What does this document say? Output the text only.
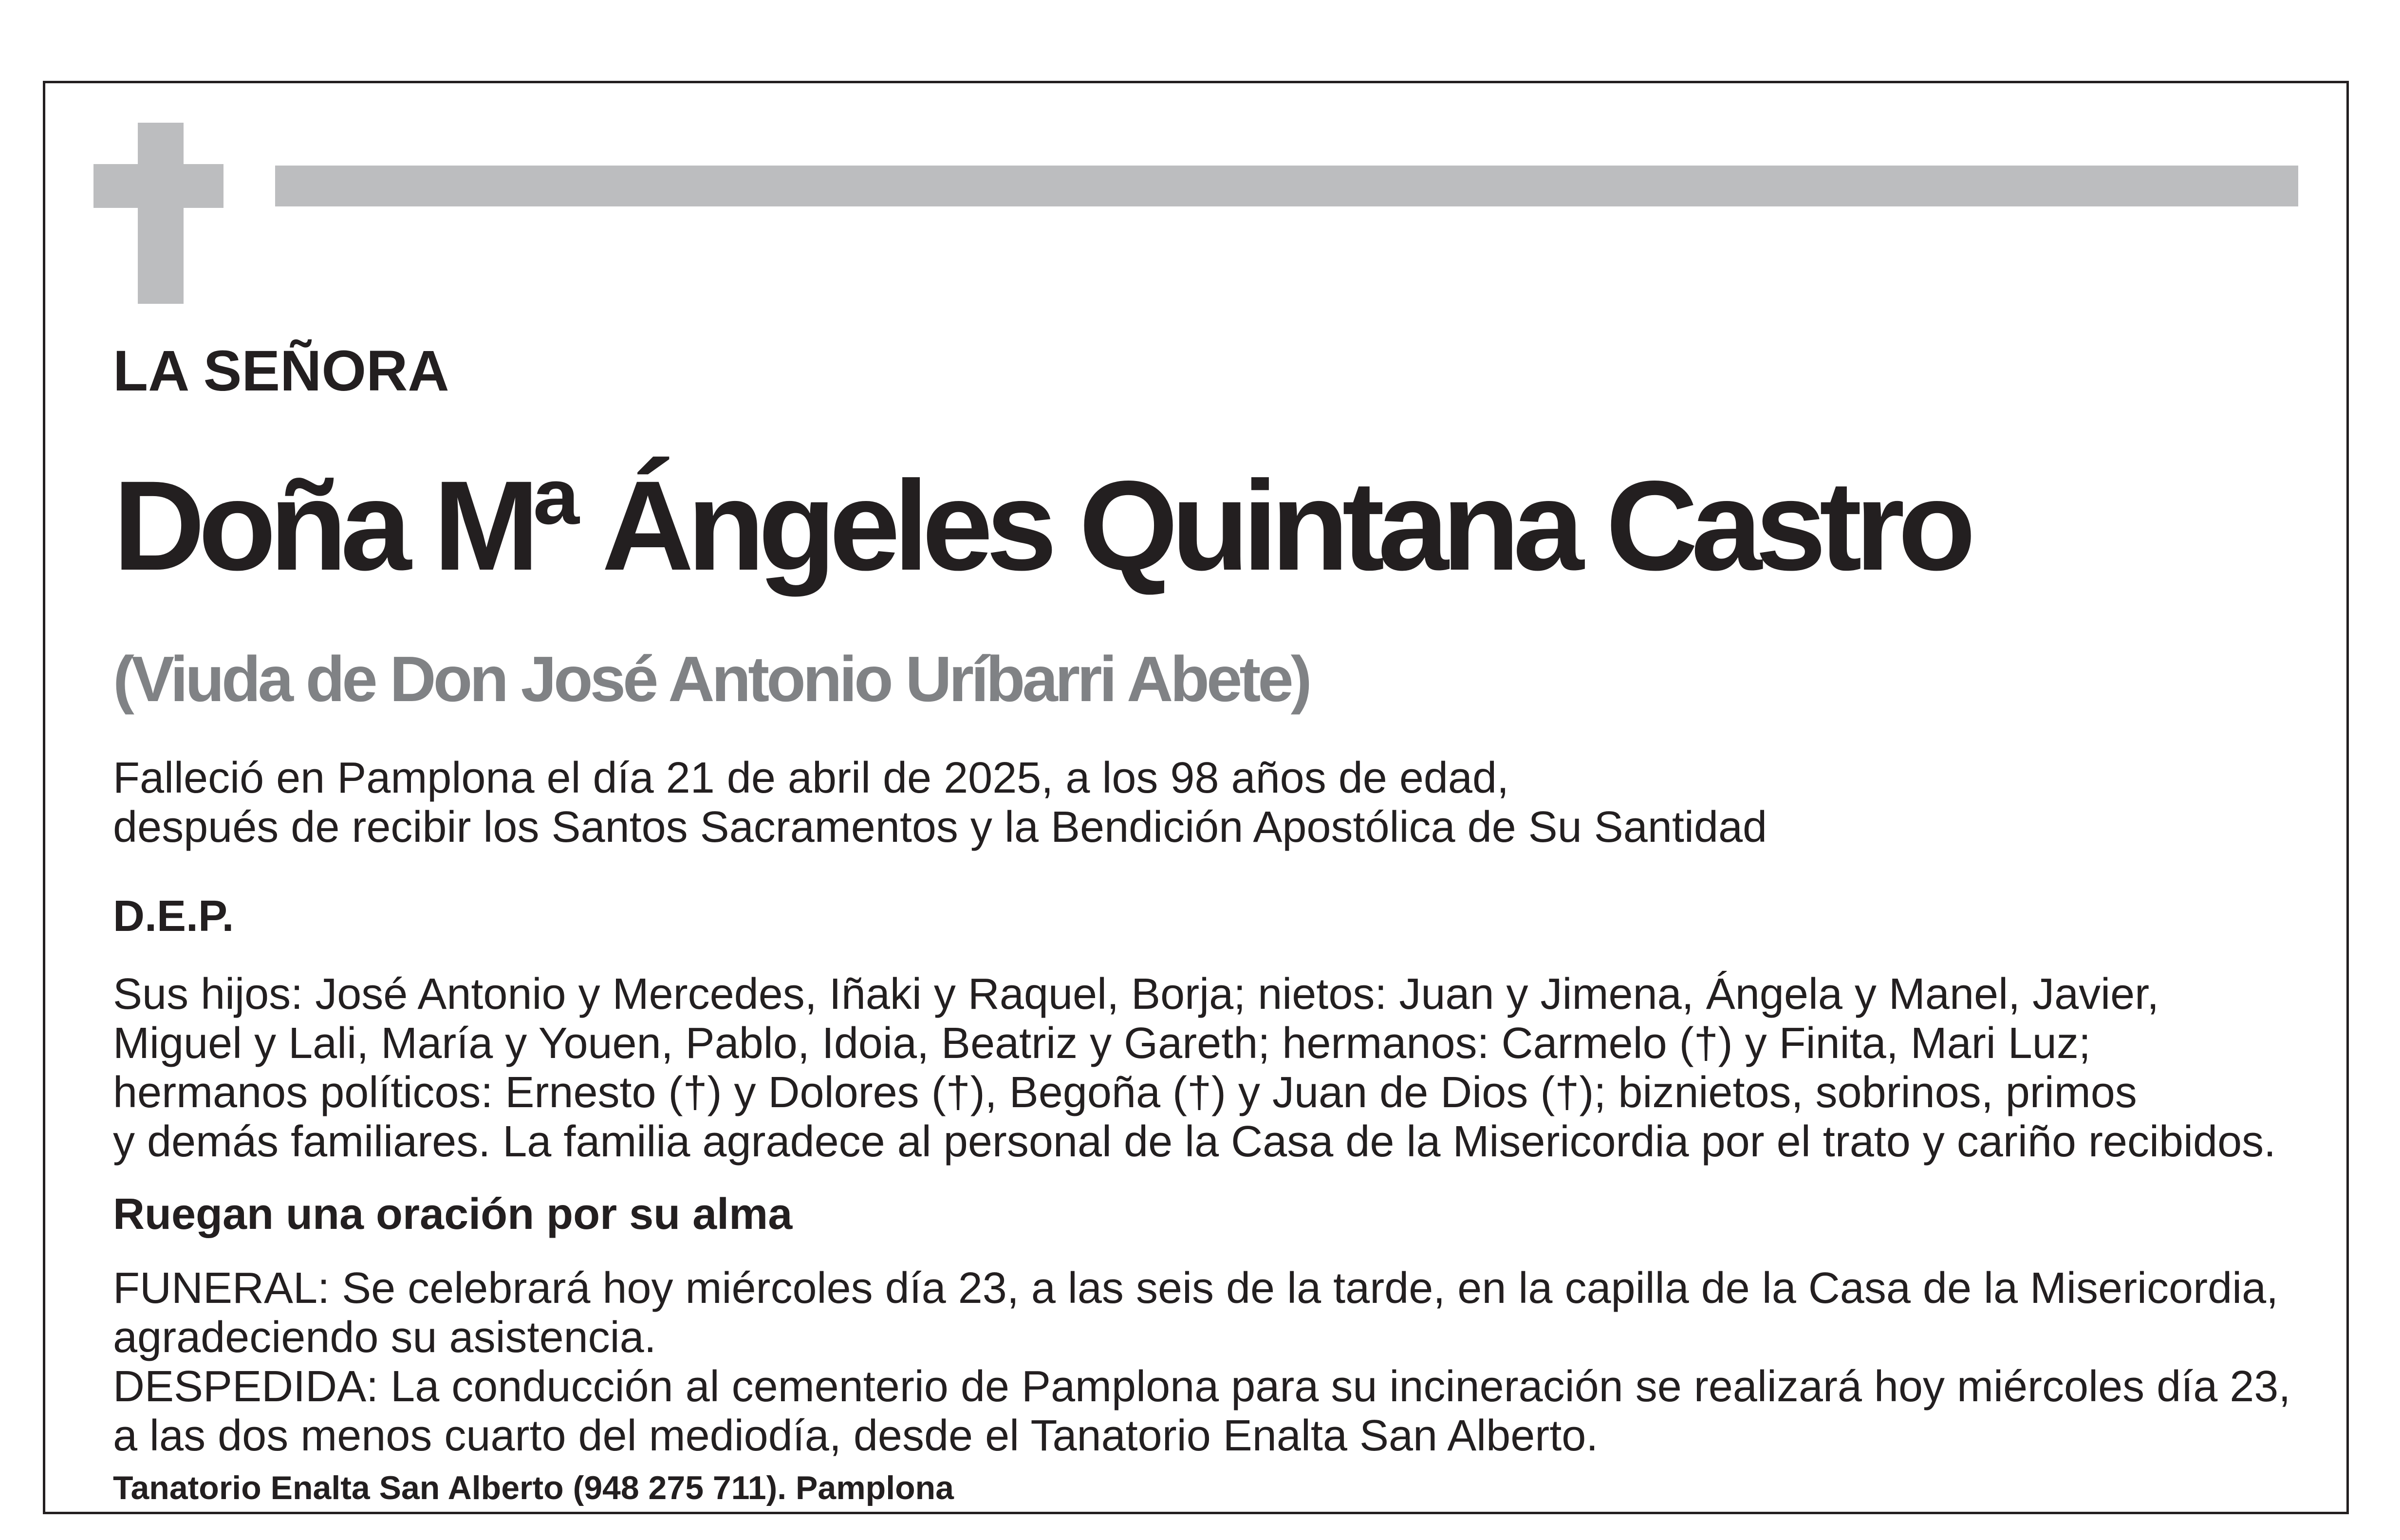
LA SEÑORA
Doña Mª Ángeles Quintana Castro
(Viuda de Don José Antonio Uríbarri Abete)
Falleció en Pamplona el día 21 de abril de 2025, a los 98 años de edad,
después de recibir los Santos Sacramentos y la Bendición Apostólica de Su Santidad
D.E.P.
Sus hijos: José Antonio y Mercedes, Iñaki y Raquel, Borja; nietos: Juan y Jimena, Ángela y Manel, Javier,
Miguel y Lali, María y Youen, Pablo, Idoia, Beatriz y Gareth; hermanos: Carmelo (†) y Finita, Mari Luz;
hermanos políticos: Ernesto (†) y Dolores (†), Begoña (†) y Juan de Dios (†); biznietos, sobrinos, primos
y demás familiares. La familia agradece al personal de la Casa de la Misericordia por el trato y cariño recibidos.
Ruegan una oración por su alma
FUNERAL: Se celebrará hoy miércoles día 23, a las seis de la tarde, en la capilla de la Casa de la Misericordia,
agradeciendo su asistencia.
DESPEDIDA: La conducción al cementerio de Pamplona para su incineración se realizará hoy miércoles día 23,
a las dos menos cuarto del mediodía, desde el Tanatorio Enalta San Alberto.
Tanatorio Enalta San Alberto (948 275 711). Pamplona
